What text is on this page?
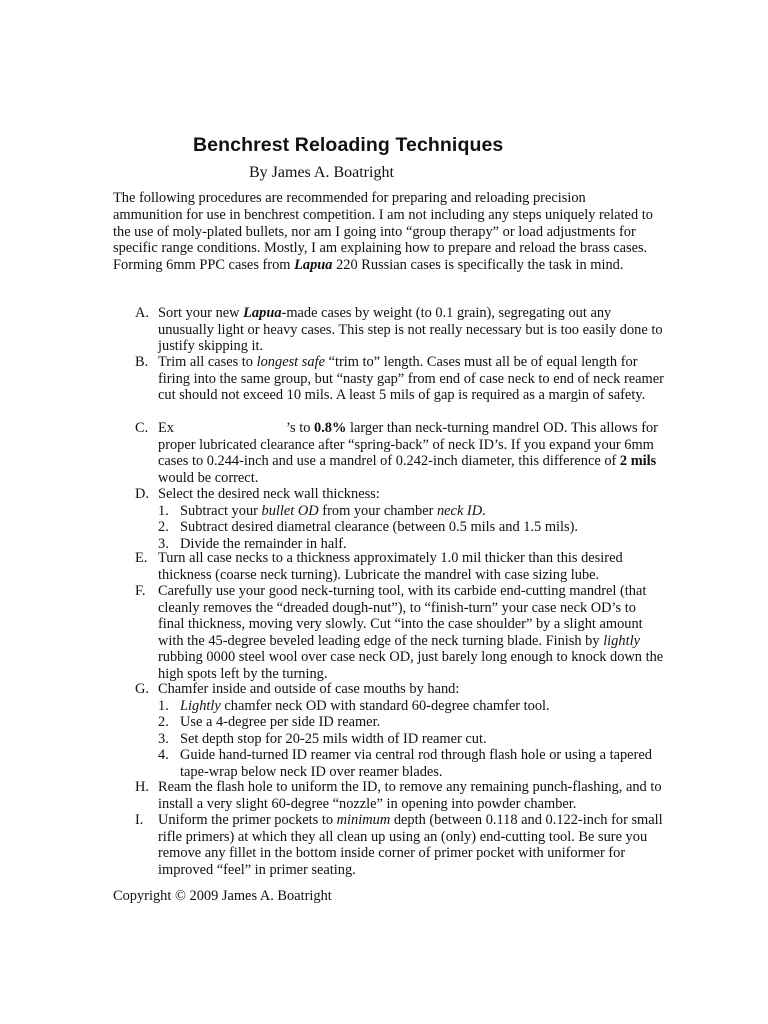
Benchrest Reloading Techniques
By James A. Boatright

The following procedures are recommended for preparing and reloading precision ammunition for use in benchrest competition. I am not including any steps uniquely related to the use of moly-plated bullets, nor am I going into “group therapy” or load adjustments for specific range conditions. Mostly, I am explaining how to prepare and reload the brass cases. Forming 6mm PPC cases from Lapua 220 Russian cases is specifically the task in mind.

A. Sort your new Lapua-made cases by weight (to 0.1 grain), segregating out any unusually light or heavy cases. This step is not really necessary but is too easily done to justify skipping it.
B. Trim all cases to longest safe “trim to” length. Cases must all be of equal length for firing into the same group, but “nasty gap” from end of case neck to end of neck reamer cut should not exceed 10 mils. A least 5 mils of gap is required as a margin of safety.
C. Ex	’s to 0.8% larger than neck-turning mandrel OD. This allows for proper lubricated clearance after “spring-back” of neck ID’s. If you expand your 6mm cases to 0.244-inch and use a mandrel of 0.242-inch diameter, this difference of 2 mils would be correct.
D. Select the desired neck wall thickness:
1. Subtract your bullet OD from your chamber neck ID.
2. Subtract desired diametral clearance (between 0.5 mils and 1.5 mils).
3. Divide the remainder in half.
E. Turn all case necks to a thickness approximately 1.0 mil thicker than this desired thickness (coarse neck turning). Lubricate the mandrel with case sizing lube.
F. Carefully use your good neck-turning tool, with its carbide end-cutting mandrel (that cleanly removes the “dreaded dough-nut”), to “finish-turn” your case neck OD’s to final thickness, moving very slowly. Cut “into the case shoulder” by a slight amount with the 45-degree beveled leading edge of the neck turning blade. Finish by lightly rubbing 0000 steel wool over case neck OD, just barely long enough to knock down the high spots left by the turning.
G. Chamfer inside and outside of case mouths by hand:
1. Lightly chamfer neck OD with standard 60-degree chamfer tool.
2. Use a 4-degree per side ID reamer.
3. Set depth stop for 20-25 mils width of ID reamer cut.
4. Guide hand-turned ID reamer via central rod through flash hole or using a tapered tape-wrap below neck ID over reamer blades.
H. Ream the flash hole to uniform the ID, to remove any remaining punch-flashing, and to install a very slight 60-degree “nozzle” in opening into powder chamber.
I. Uniform the primer pockets to minimum depth (between 0.118 and 0.122-inch for small rifle primers) at which they all clean up using an (only) end-cutting tool. Be sure you remove any fillet in the bottom inside corner of primer pocket with uniformer for improved “feel” in primer seating.
Copyright © 2009 James A. Boatright
